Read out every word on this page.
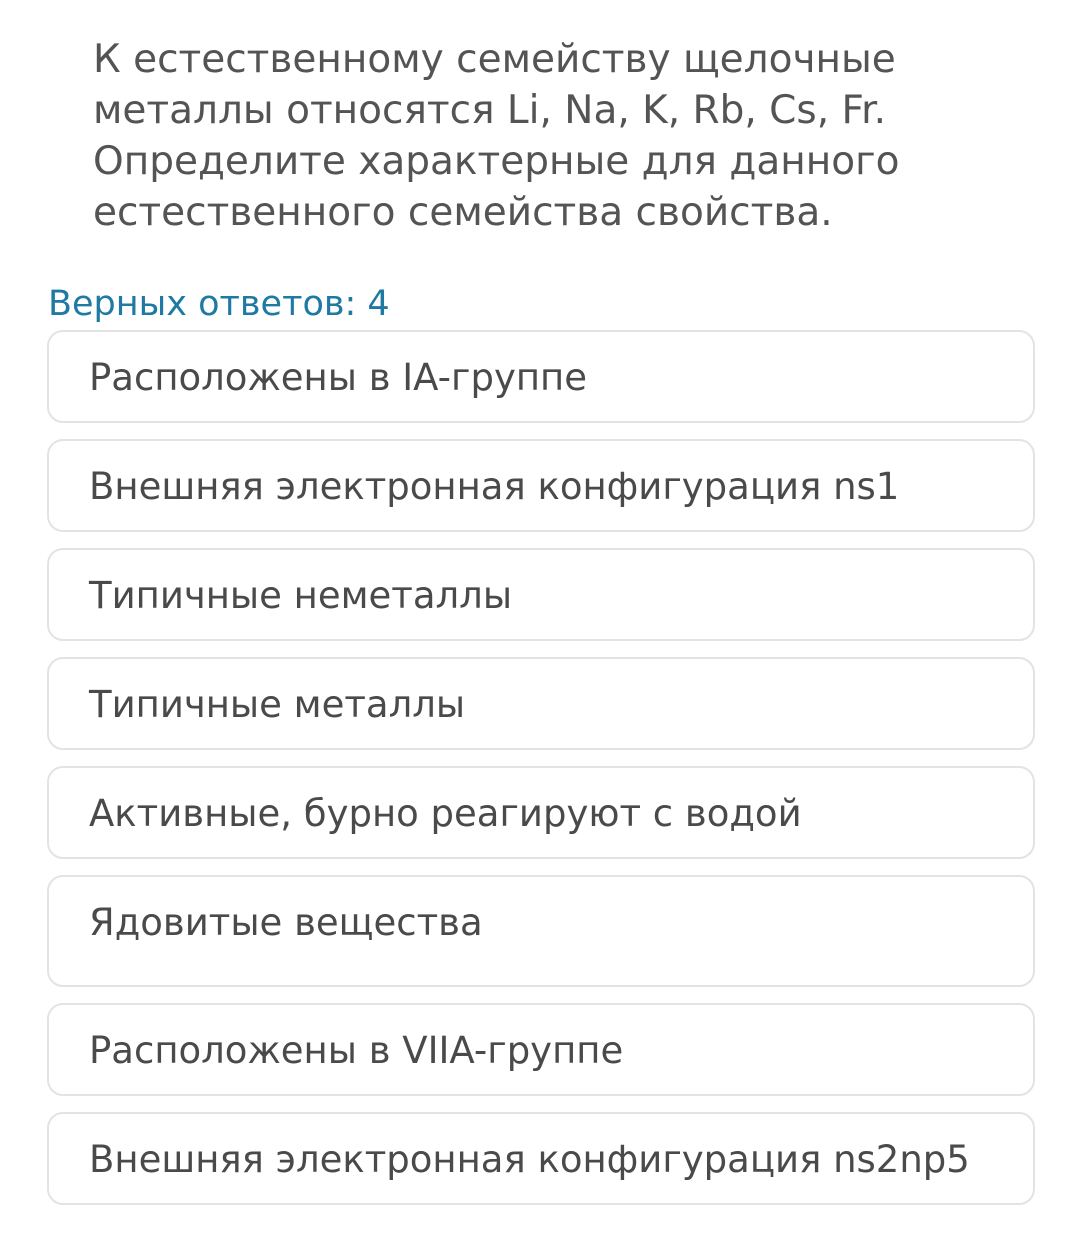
К естественному семейству щелочные металлы относятся Li, Na, K, Rb, Cs, Fr. Определите характерные для данного естественного семейства свойства.
Верных ответов: 4
Расположены в IA-группе
Внешняя электронная конфигурация ns1
Типичные неметаллы
Типичные металлы
Активные, бурно реагируют с водой
Ядовитые вещества
Расположены в VIIA-группе
Внешняя электронная конфигурация ns2np5
